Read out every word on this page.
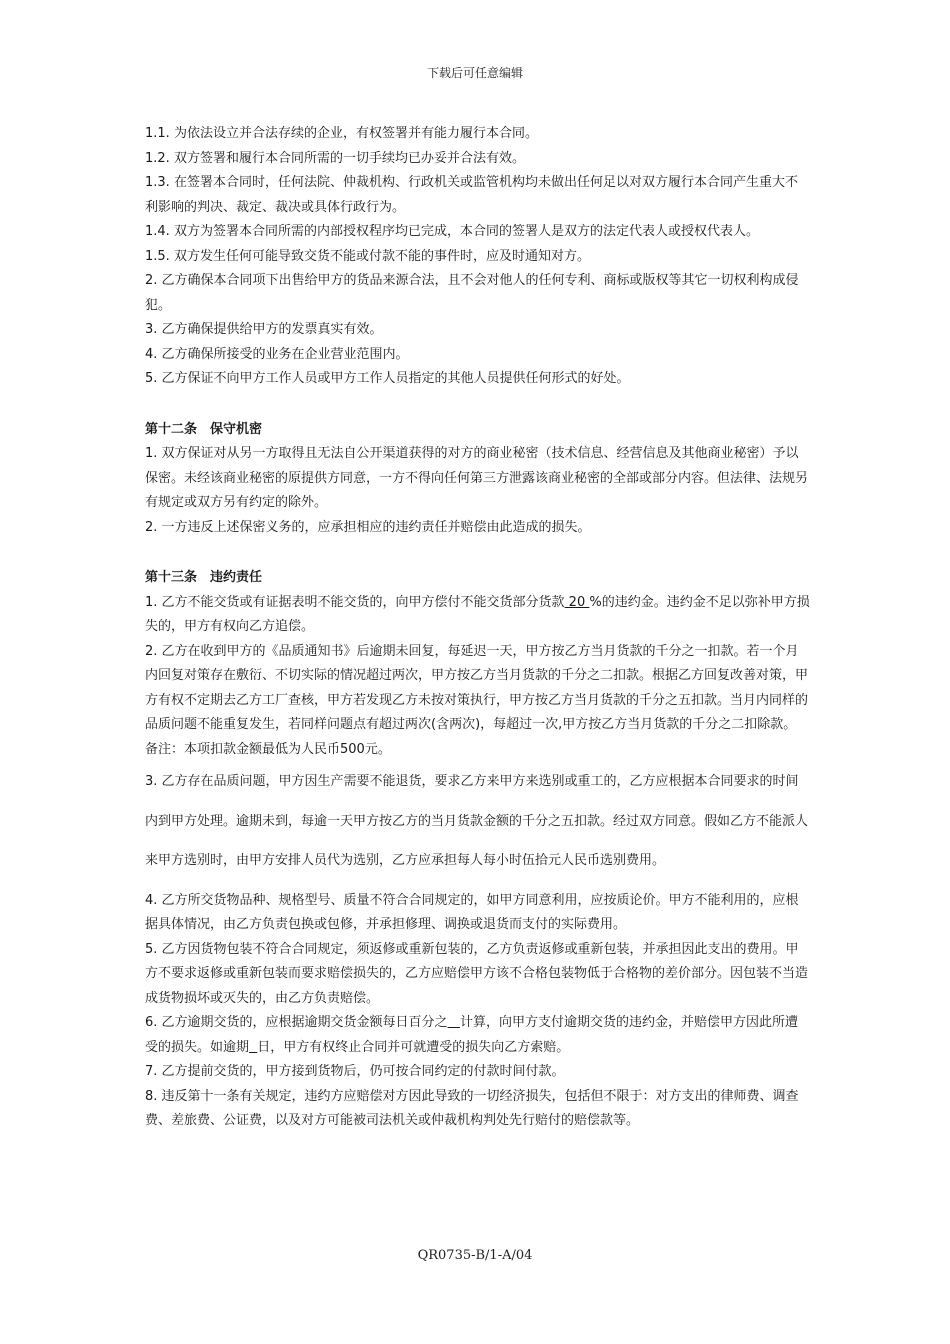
下载后可任意编辑

1.1. 为依法设立并合法存续的企业，有权签署并有能力履行本合同。

1.2. 双方签署和履行本合同所需的一切手续均已办妥并合法有效。

1.3. 在签署本合同时，任何法院、仲裁机构、行政机关或监管机构均未做出任何足以对双方履行本合同产生重大不利影响的判决、裁定、裁决或具体行政行为。

1.4. 双方为签署本合同所需的内部授权程序均已完成，本合同的签署人是双方的法定代表人或授权代表人。

1.5. 双方发生任何可能导致交货不能或付款不能的事件时，应及时通知对方。

2. 乙方确保本合同项下出售给甲方的货品来源合法，且不会对他人的任何专利、商标或版权等其它一切权利构成侵犯。

3. 乙方确保提供给甲方的发票真实有效。

4. 乙方确保所接受的业务在企业营业范围内。

5. 乙方保证不向甲方工作人员或甲方工作人员指定的其他人员提供任何形式的好处。

第十二条　保守机密

1. 双方保证对从另一方取得且无法自公开渠道获得的对方的商业秘密（技术信息、经营信息及其他商业秘密）予以保密。未经该商业秘密的原提供方同意，一方不得向任何第三方泄露该商业秘密的全部或部分内容。但法律、法规另有规定或双方另有约定的除外。

2. 一方违反上述保密义务的，应承担相应的违约责任并赔偿由此造成的损失。

第十三条　违约责任

1. 乙方不能交货或有证据表明不能交货的，向甲方偿付不能交货部分货款 20 %的违约金。违约金不足以弥补甲方损失的，甲方有权向乙方追偿。

2. 乙方在收到甲方的《品质通知书》后逾期未回复，每延迟一天，甲方按乙方当月货款的千分之一扣款。若一个月内回复对策存在敷衍、不切实际的情况超过两次，甲方按乙方当月货款的千分之二扣款。根据乙方回复改善对策，甲方有权不定期去乙方工厂查核，甲方若发现乙方未按对策执行，甲方按乙方当月货款的千分之五扣款。当月内同样的品质问题不能重复发生，若同样问题点有超过两次(含两次)，每超过一次,甲方按乙方当月货款的千分之二扣除款。

备注：本项扣款金额最低为人民币500元。

3. 乙方存在品质问题，甲方因生产需要不能退货，要求乙方来甲方来选别或重工的，乙方应根据本合同要求的时间内到甲方处理。逾期未到，每逾一天甲方按乙方的当月货款金额的千分之五扣款。经过双方同意。假如乙方不能派人来甲方选别时，由甲方安排人员代为选别，乙方应承担每人每小时伍拾元人民币选别费用。

4. 乙方所交货物品种、规格型号、质量不符合合同规定的，如甲方同意利用，应按质论价。甲方不能利用的，应根据具体情况，由乙方负责包换或包修，并承担修理、调换或退货而支付的实际费用。

5. 乙方因货物包装不符合合同规定，须返修或重新包装的，乙方负责返修或重新包装，并承担因此支出的费用。甲方不要求返修或重新包装而要求赔偿损失的，乙方应赔偿甲方该不合格包装物低于合格物的差价部分。因包装不当造成货物损坏或灭失的，由乙方负责赔偿。

6. 乙方逾期交货的，应根据逾期交货金额每日百分之 计算，向甲方支付逾期交货的违约金，并赔偿甲方因此所遭受的损失。如逾期 日，甲方有权终止合同并可就遭受的损失向乙方索赔。

7. 乙方提前交货的，甲方接到货物后，仍可按合同约定的付款时间付款。

8. 违反第十一条有关规定，违约方应赔偿对方因此导致的一切经济损失，包括但不限于：对方支出的律师费、调查费、差旅费、公证费，以及对方可能被司法机关或仲裁机构判处先行赔付的赔偿款等。

QR0735-B/1-A/04
